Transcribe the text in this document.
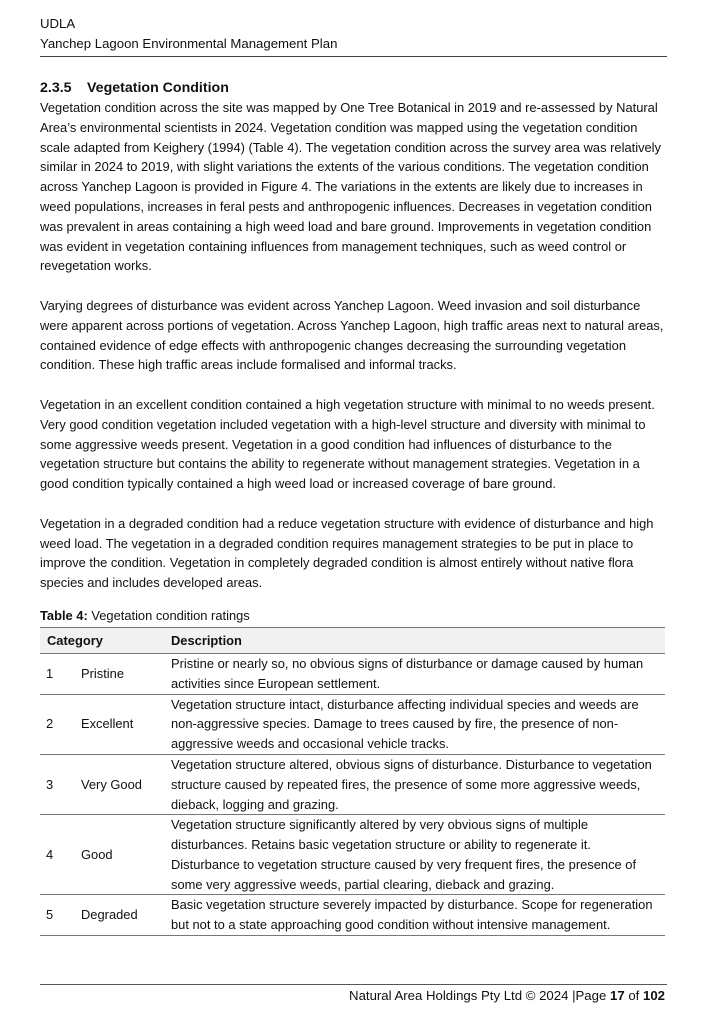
UDLA
Yanchep Lagoon Environmental Management Plan
2.3.5 Vegetation Condition

Vegetation condition across the site was mapped by One Tree Botanical in 2019 and re-assessed by Natural Area’s environmental scientists in 2024. Vegetation condition was mapped using the vegetation condition scale adapted from Keighery (1994) (Table 4). The vegetation condition across the survey area was relatively similar in 2024 to 2019, with slight variations the extents of the various conditions. The vegetation condition across Yanchep Lagoon is provided in Figure 4. The variations in the extents are likely due to increases in weed populations, increases in feral pests and anthropogenic influences. Decreases in vegetation condition was prevalent in areas containing a high weed load and bare ground. Improvements in vegetation condition was evident in vegetation containing influences from management techniques, such as weed control or revegetation works.

Varying degrees of disturbance was evident across Yanchep Lagoon. Weed invasion and soil disturbance were apparent across portions of vegetation. Across Yanchep Lagoon, high traffic areas next to natural areas, contained evidence of edge effects with anthropogenic changes decreasing the surrounding vegetation condition. These high traffic areas include formalised and informal tracks.

Vegetation in an excellent condition contained a high vegetation structure with minimal to no weeds present. Very good condition vegetation included vegetation with a high-level structure and diversity with minimal to some aggressive weeds present. Vegetation in a good condition had influences of disturbance to the vegetation structure but contains the ability to regenerate without management strategies. Vegetation in a good condition typically contained a high weed load or increased coverage of bare ground.

Vegetation in a degraded condition had a reduce vegetation structure with evidence of disturbance and high weed load. The vegetation in a degraded condition requires management strategies to be put in place to improve the condition. Vegetation in completely degraded condition is almost entirely without native flora species and includes developed areas.

Table 4: Vegetation condition ratings
Category		Description
1	Pristine	Pristine or nearly so, no obvious signs of disturbance or damage caused by human activities since European settlement.
2	Excellent	Vegetation structure intact, disturbance affecting individual species and weeds are non-aggressive species. Damage to trees caused by fire, the presence of non-aggressive weeds and occasional vehicle tracks.
3	Very Good	Vegetation structure altered, obvious signs of disturbance. Disturbance to vegetation structure caused by repeated fires, the presence of some more aggressive weeds, dieback, logging and grazing.
4	Good	Vegetation structure significantly altered by very obvious signs of multiple disturbances. Retains basic vegetation structure or ability to regenerate it. Disturbance to vegetation structure caused by very frequent fires, the presence of some very aggressive weeds, partial clearing, dieback and grazing.
5	Degraded	Basic vegetation structure severely impacted by disturbance. Scope for regeneration but not to a state approaching good condition without intensive management.
Natural Area Holdings Pty Ltd © 2024 |Page 17 of 102
